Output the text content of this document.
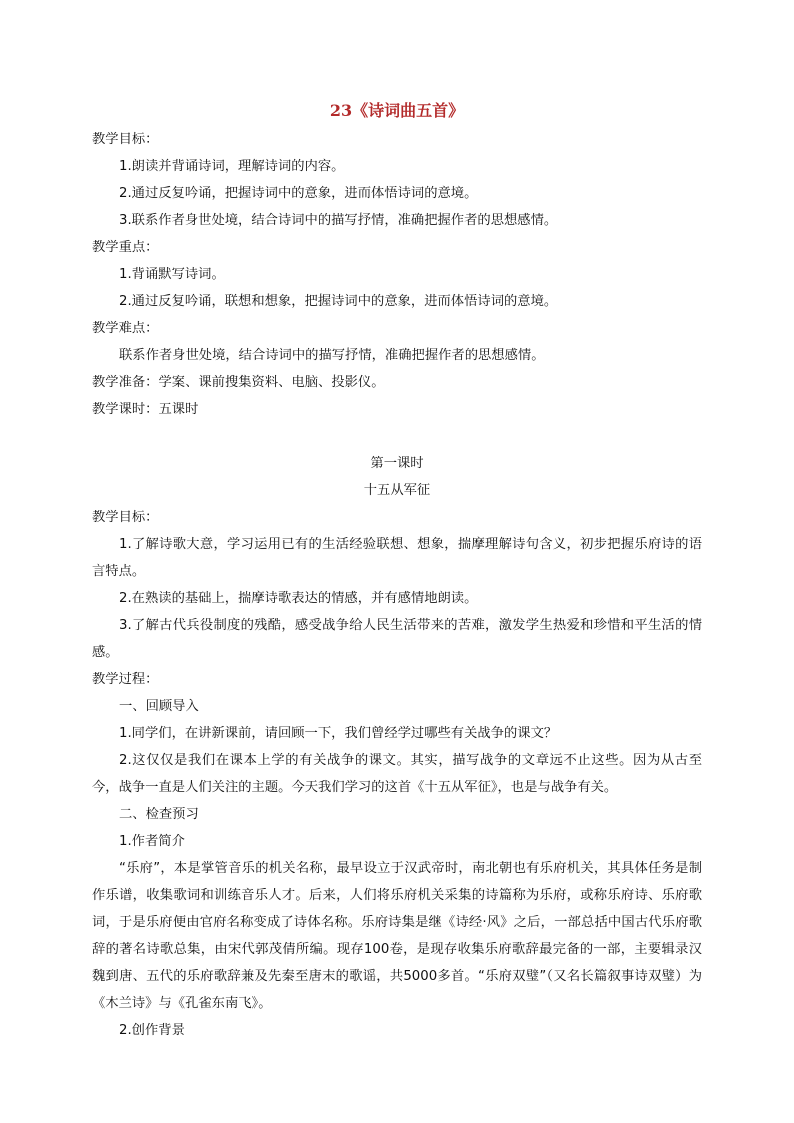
23《诗词曲五首》
教学目标：
1.朗读并背诵诗词，理解诗词的内容。
2.通过反复吟诵，把握诗词中的意象，进而体悟诗词的意境。
3.联系作者身世处境，结合诗词中的描写抒情，准确把握作者的思想感情。
教学重点：
1.背诵默写诗词。
2.通过反复吟诵，联想和想象，把握诗词中的意象，进而体悟诗词的意境。
教学难点：
联系作者身世处境，结合诗词中的描写抒情，准确把握作者的思想感情。
教学准备：学案、课前搜集资料、电脑、投影仪。
教学课时：五课时
第一课时
十五从军征
教学目标：
1.了解诗歌大意，学习运用已有的生活经验联想、想象，揣摩理解诗句含义，初步把握乐府诗的语言特点。
2.在熟读的基础上，揣摩诗歌表达的情感，并有感情地朗读。
3.了解古代兵役制度的残酷，感受战争给人民生活带来的苦难，激发学生热爱和珍惜和平生活的情感。
教学过程：
一、回顾导入
1.同学们，在讲新课前，请回顾一下，我们曾经学过哪些有关战争的课文？
2.这仅仅是我们在课本上学的有关战争的课文。其实，描写战争的文章远不止这些。因为从古至今，战争一直是人们关注的主题。今天我们学习的这首《十五从军征》，也是与战争有关。
二、检查预习
1.作者简介
“乐府”，本是掌管音乐的机关名称，最早设立于汉武帝时，南北朝也有乐府机关，其具体任务是制作乐谱，收集歌词和训练音乐人才。后来，人们将乐府机关采集的诗篇称为乐府，或称乐府诗、乐府歌词，于是乐府便由官府名称变成了诗体名称。乐府诗集是继《诗经·风》之后，一部总括中国古代乐府歌辞的著名诗歌总集，由宋代郭茂倩所编。现存100卷，是现存收集乐府歌辞最完备的一部，主要辑录汉魏到唐、五代的乐府歌辞兼及先秦至唐末的歌谣，共5000多首。“乐府双璧”（又名长篇叙事诗双璧）为《木兰诗》与《孔雀东南飞》。
2.创作背景
